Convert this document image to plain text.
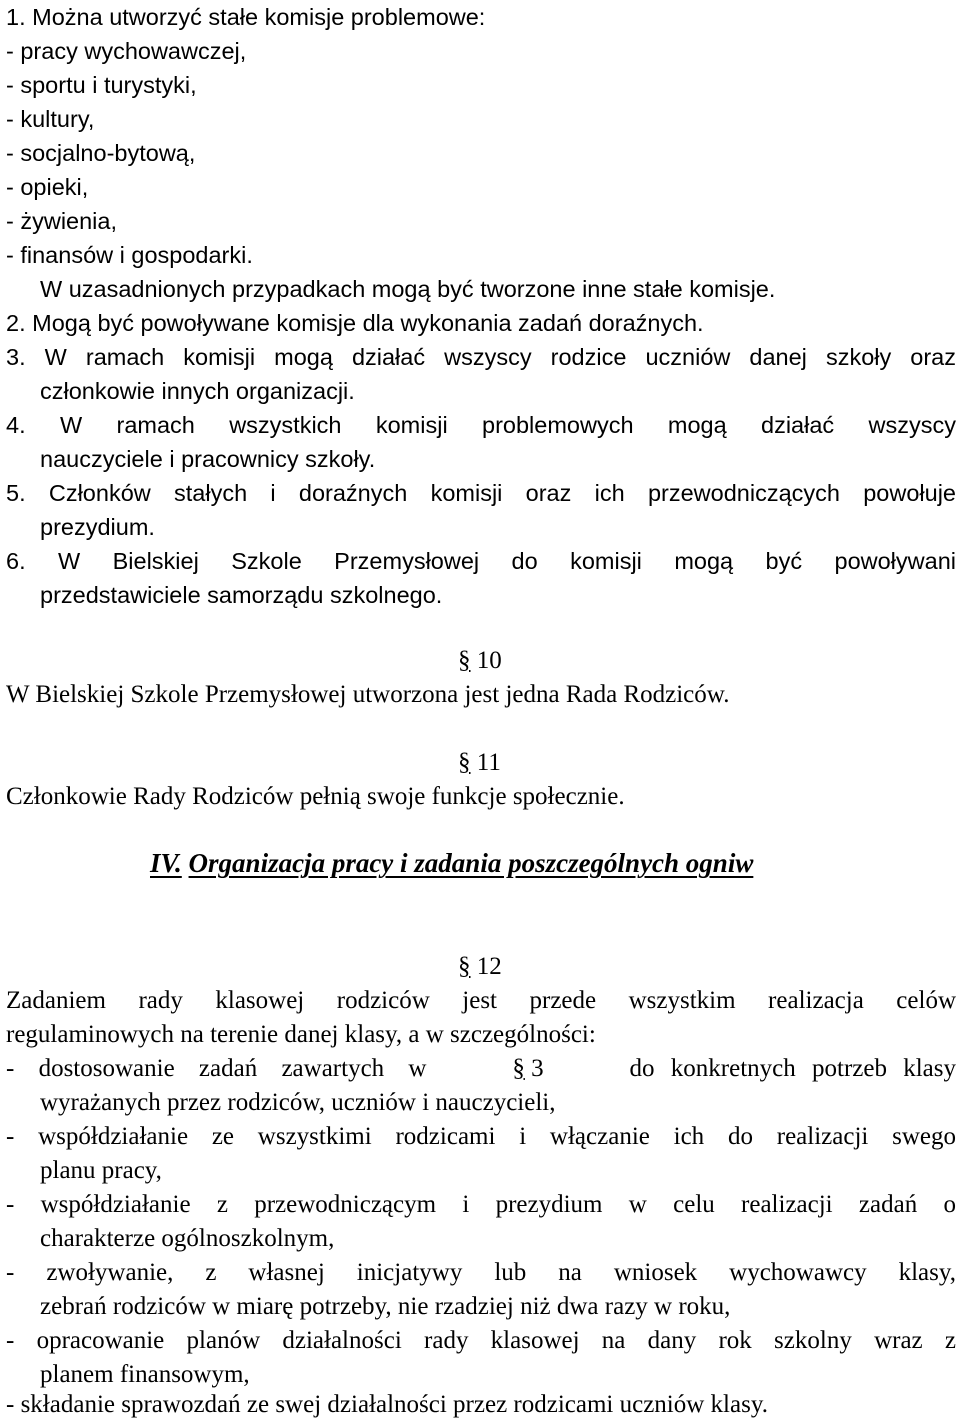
1. Można utworzyć stałe komisje problemowe:
- pracy wychowawczej,
- sportu i turystyki,
- kultury,
- socjalno-bytową,
- opieki,
- żywienia,
- finansów i gospodarki.
W uzasadnionych przypadkach mogą być tworzone inne stałe komisje.
2. Mogą być powoływane komisje dla wykonania zadań doraźnych.
3. W ramach komisji mogą działać wszyscy rodzice uczniów danej szkoły oraz
członkowie innych organizacji.
4. W ramach wszystkich komisji problemowych mogą działać wszyscy
nauczyciele i pracownicy szkoły.
5. Członków stałych i doraźnych komisji oraz ich przewodniczących powołuje
prezydium.
6. W Bielskiej Szkole Przemysłowej do komisji mogą być powoływani
przedstawiciele samorządu szkolnego.
§ 10
W Bielskiej Szkole Przemysłowej utworzona jest jedna Rada Rodziców.
§ 11
Członkowie Rady Rodziców pełnią swoje funkcje społecznie.
IV. Organizacja pracy i zadania poszczególnych ogniw
§ 12
Zadaniem rady klasowej rodziców jest przede wszystkim realizacja celów
regulaminowych na terenie danej klasy, a w szczególności:
- dostosowanie zadań zawartych w	§ 3	do konkretnych potrzeb klasy
wyrażanych przez rodziców, uczniów i nauczycieli,
- współdziałanie ze wszystkimi rodzicami i włączanie ich do realizacji swego
planu pracy,
- współdziałanie z przewodniczącym i prezydium w celu realizacji zadań o
charakterze ogólnoszkolnym,
- zwoływanie, z własnej inicjatywy lub na wniosek wychowawcy klasy,
zebrań rodziców w miarę potrzeby, nie rzadziej niż dwa razy w roku,
- opracowanie planów działalności rady klasowej na dany rok szkolny wraz z
planem finansowym,
- składanie sprawozdań ze swej działalności przez rodzicami uczniów klasy.
